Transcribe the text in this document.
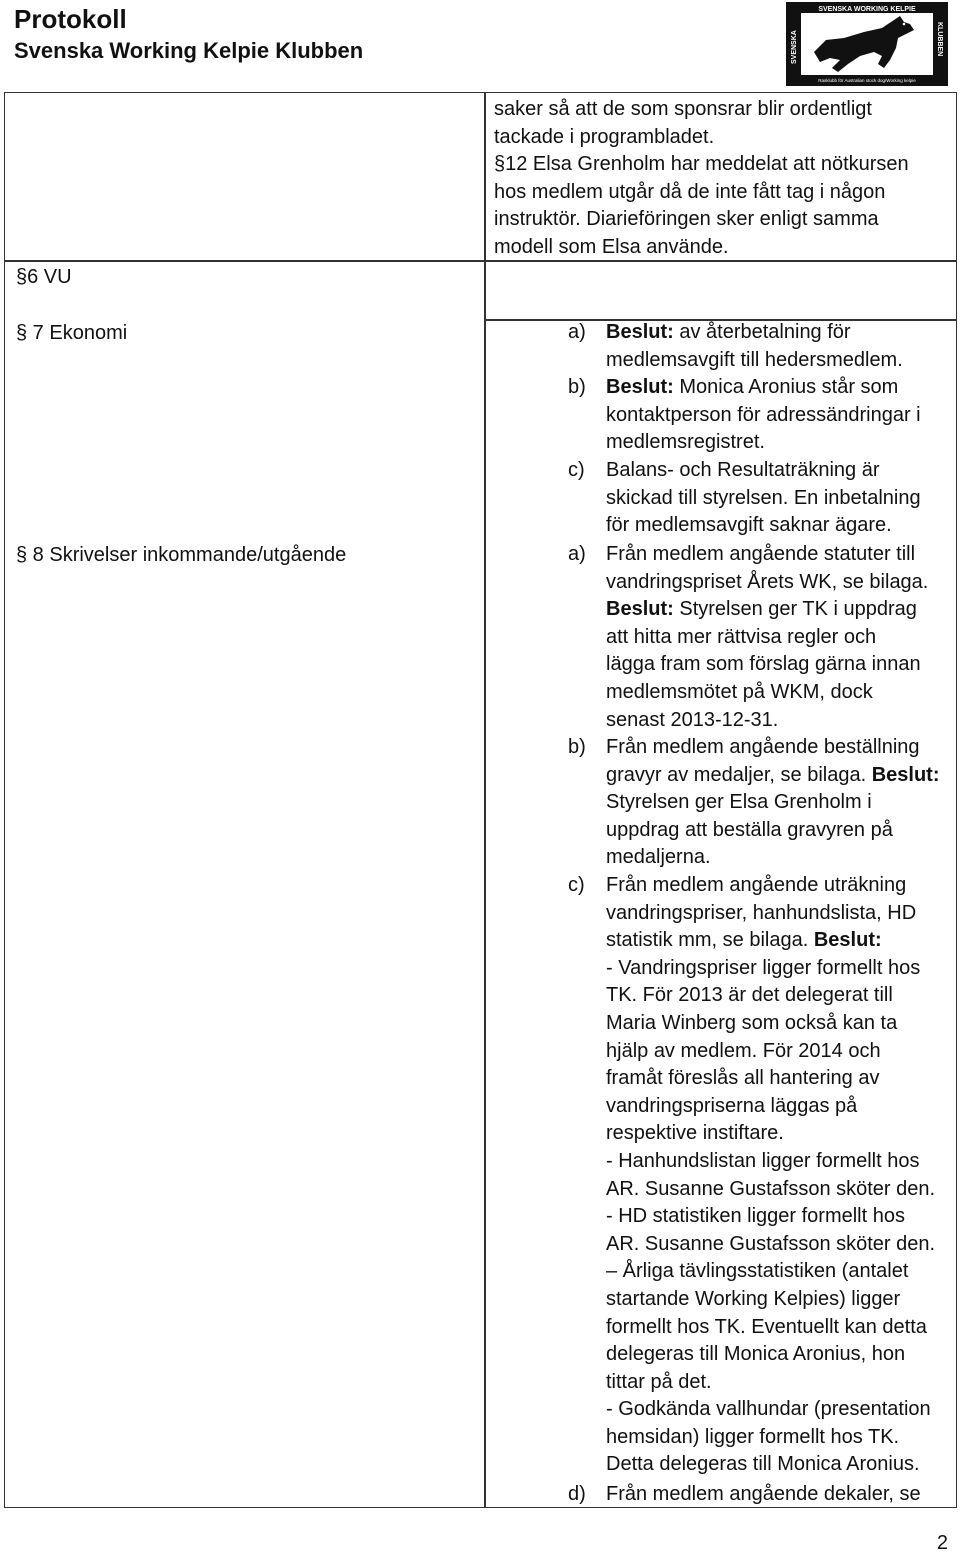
Protokoll
Svenska Working Kelpie Klubben
SVENSKA WORKING KELPIE
Rasklubb för Australian stock dog/Working kelpie
SVENSKA	KLUBBEN
saker så att de som sponsrar blir ordentligt
tackade i programbladet.
§12 Elsa Grenholm har meddelat att nötkursen
hos medlem utgår då de inte fått tag i någon
instruktör. Diarieföringen sker enligt samma
modell som Elsa använde.
§6 VU
§ 7 Ekonomi
§ 8 Skrivelser inkommande/utgående
a)
b)
c)
a)
b)
c)
d)
Beslut: av återbetalning för
medlemsavgift till hedersmedlem.
Beslut: Monica Aronius står som
kontaktperson för adressändringar i
medlemsregistret.
Balans- och Resultaträkning är
skickad till styrelsen. En inbetalning
för medlemsavgift saknar ägare.
Från medlem angående statuter till
vandringspriset Årets WK, se bilaga.
Beslut: Styrelsen ger TK i uppdrag
att hitta mer rättvisa regler och
lägga fram som förslag gärna innan
medlemsmötet på WKM, dock
senast 2013-12-31.
Från medlem angående beställning
gravyr av medaljer, se bilaga. Beslut:
Styrelsen ger Elsa Grenholm i
uppdrag att beställa gravyren på
medaljerna.
Från medlem angående uträkning
vandringspriser, hanhundslista, HD
statistik mm, se bilaga. Beslut:
- Vandringspriser ligger formellt hos
TK. För 2013 är det delegerat till
Maria Winberg som också kan ta
hjälp av medlem. För 2014 och
framåt föreslås all hantering av
vandringspriserna läggas på
respektive instiftare.
- Hanhundslistan ligger formellt hos
AR. Susanne Gustafsson sköter den.
- HD statistiken ligger formellt hos
AR. Susanne Gustafsson sköter den.
– Årliga tävlingsstatistiken (antalet
startande Working Kelpies) ligger
formellt hos TK. Eventuellt kan detta
delegeras till Monica Aronius, hon
tittar på det.
- Godkända vallhundar (presentation
hemsidan) ligger formellt hos TK.
Detta delegeras till Monica Aronius.
Från medlem angående dekaler, se
2
